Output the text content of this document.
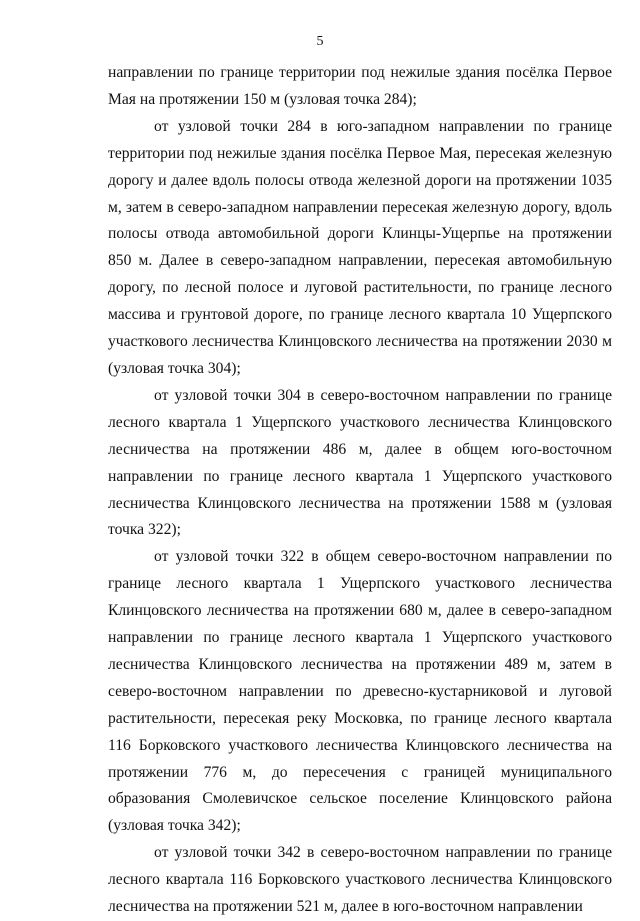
5

направлении по границе территории под нежилые здания посёлка Первое Мая на протяжении 150 м (узловая точка 284);

от узловой точки 284 в юго-западном направлении по границе территории под нежилые здания посёлка Первое Мая, пересекая железную дорогу и далее вдоль полосы отвода железной дороги на протяжении 1035 м, затем в северо-западном направлении пересекая железную дорогу, вдоль полосы отвода автомобильной дороги Клинцы-Ущерпье на протяжении 850 м. Далее в северо-западном направлении, пересекая автомобильную дорогу, по лесной полосе и луговой растительности, по границе лесного массива и грунтовой дороге, по границе лесного квартала 10 Ущерпского участкового лесничества Клинцовского лесничества на протяжении 2030 м (узловая точка 304);

от узловой точки 304 в северо-восточном направлении по границе лесного квартала 1 Ущерпского участкового лесничества Клинцовского лесничества на протяжении 486 м, далее в общем юго-восточном направлении по границе лесного квартала 1 Ущерпского участкового лесничества Клинцовского лесничества на протяжении 1588 м (узловая точка 322);

от узловой точки 322 в общем северо-восточном направлении по границе лесного квартала 1 Ущерпского участкового лесничества Клинцовского лесничества на протяжении 680 м, далее в северо-западном направлении по границе лесного квартала 1 Ущерпского участкового лесничества Клинцовского лесничества на протяжении 489 м, затем в северо-восточном направлении по древесно-кустарниковой и луговой растительности, пересекая реку Московка, по границе лесного квартала 116 Борковского участкового лесничества Клинцовского лесничества на протяжении 776 м, до пересечения с границей муниципального образования Смолевичское сельское поселение Клинцовского района (узловая точка 342);

от узловой точки 342 в северо-восточном направлении по границе лесного квартала 116 Борковского участкового лесничества Клинцовского лесничества на протяжении 521 м, далее в юго-восточном направлении
